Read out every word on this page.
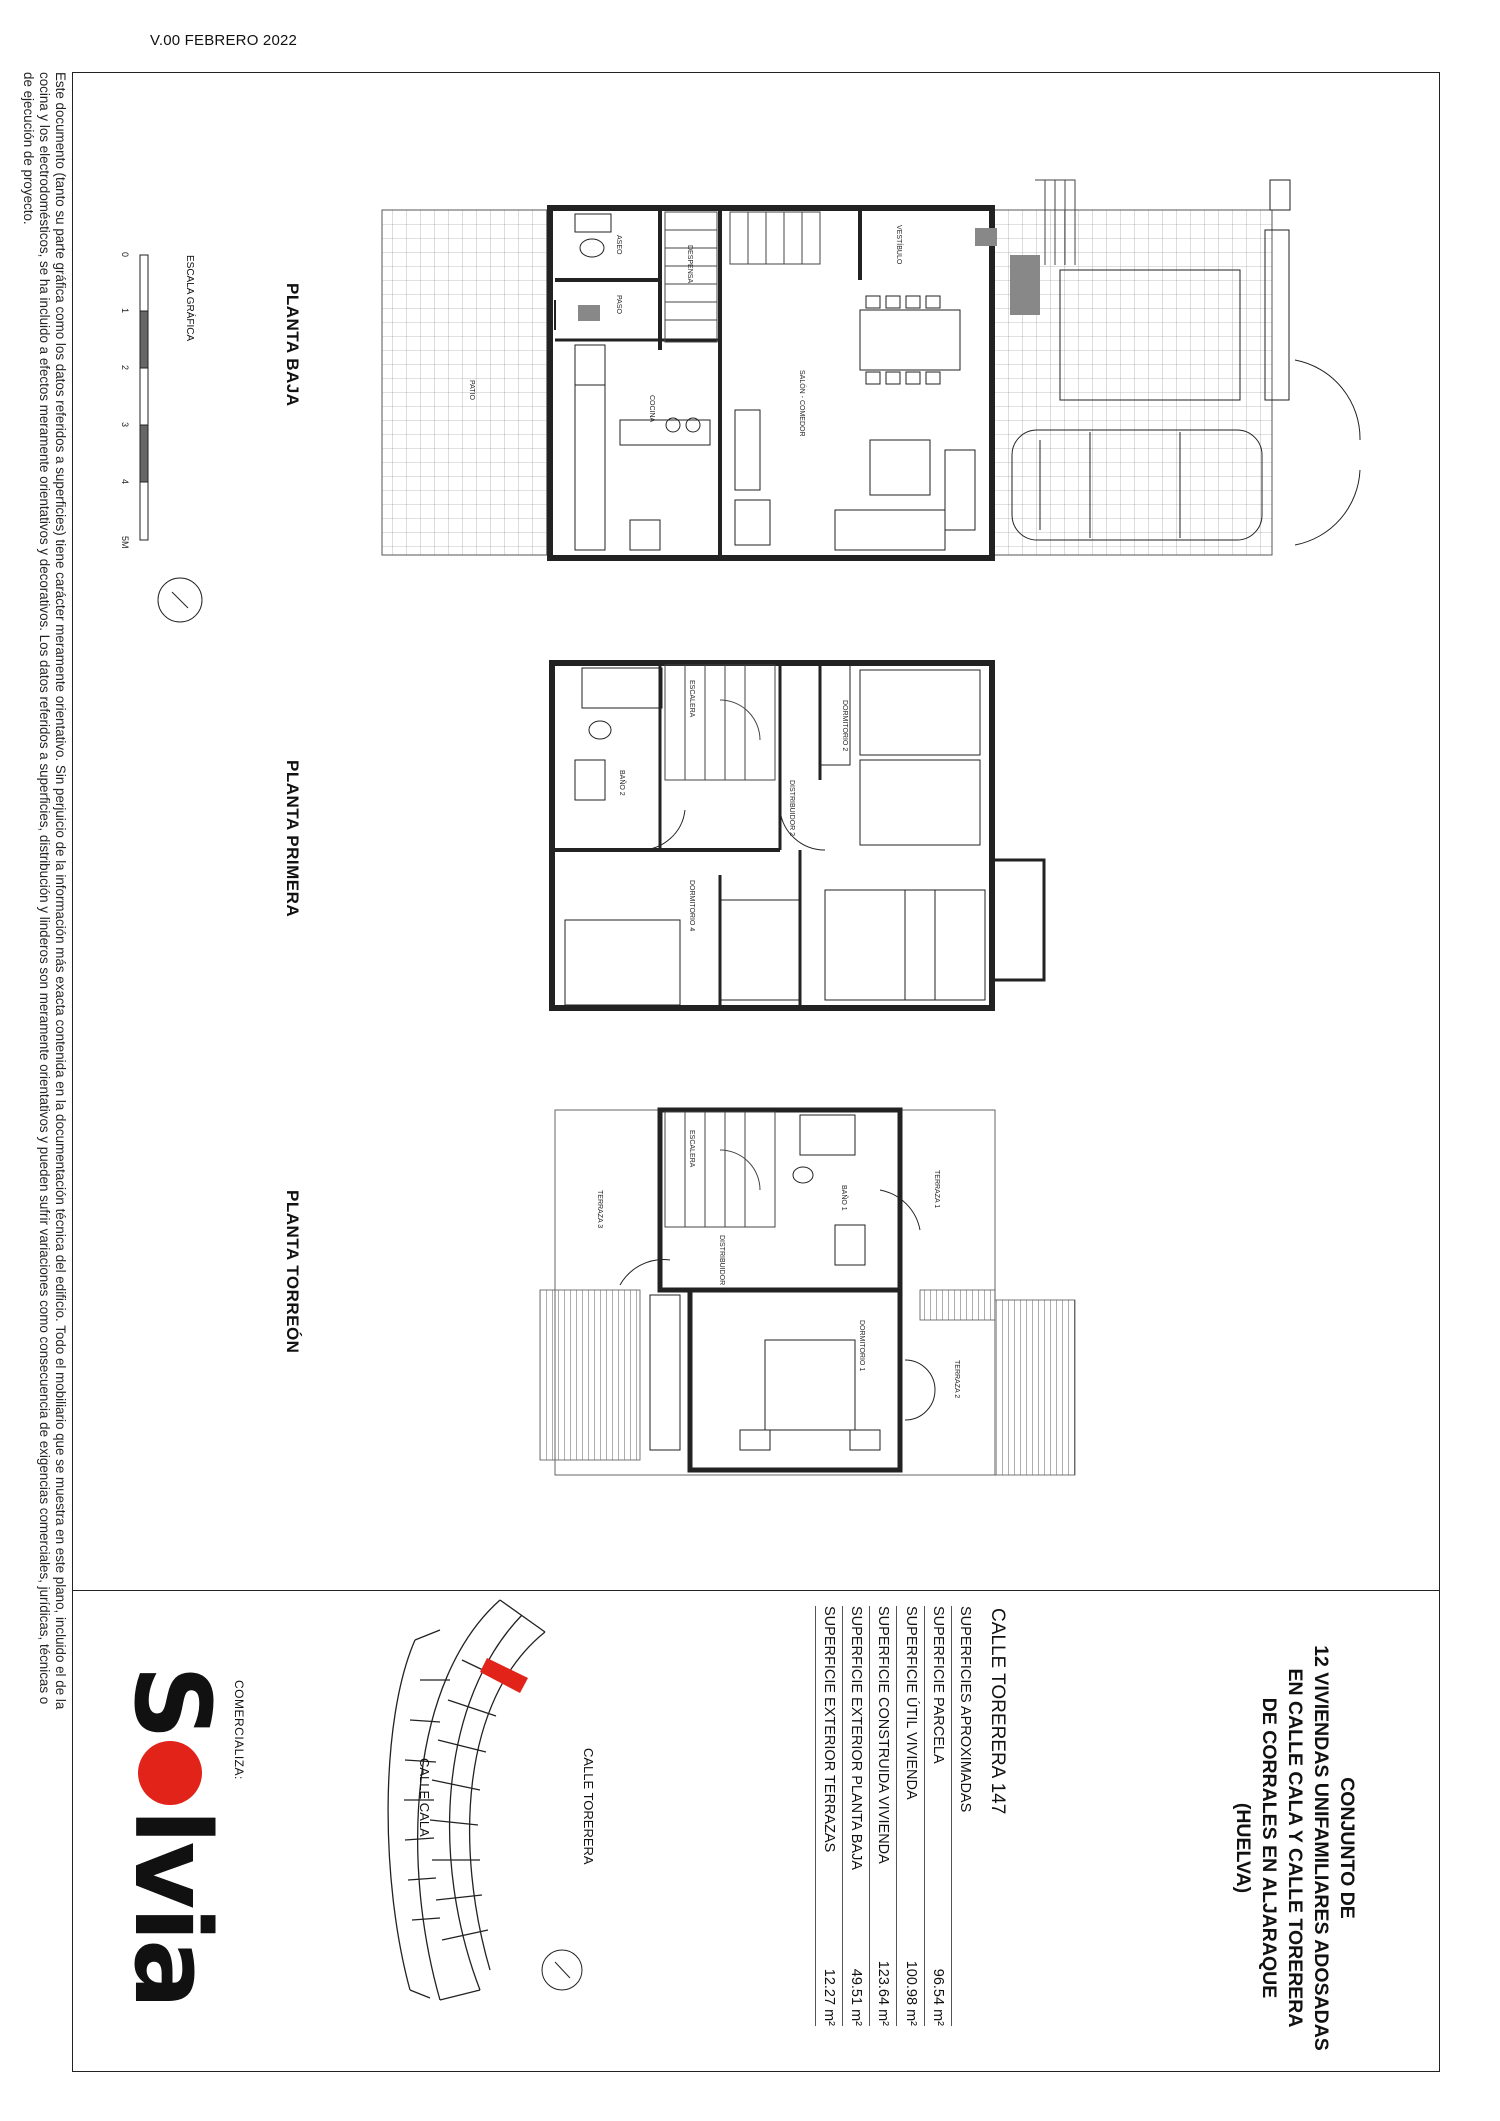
V.00 FEBRERO 2022
Este documento (tanto su parte gráfica como los datos referidos a superficies) tiene carácter meramente orientativo. Sin perjuicio de la información más exacta contenida en la documentación técnica del edificio. Todo el mobiliario que se muestra en este plano, incluido el de la
cocina y los electrodomésticos, se ha incluido a efectos meramente orientativos y decorativos. Los datos referidos a superficies, distribución y linderos son meramente orientativos y pueden sufrir variaciones como consecuencia de exigencias comerciales, jurídicas, técnicas o
de ejecución de proyecto.
PATIO
ASEO
PASO
DESPENSA	VESTÍBULO
SALÓN - COMEDOR
COCINA
ESCALERA
DORMITORIO 2
DISTRIBUIDOR 2
BAÑO 2
DORMITORIO 4	DORMITORIO 3
ESCALERA
TERRAZA 1
BAÑO 1
DISTRIBUIDOR 1
TERRAZA 3
DORMITORIO 1
TERRAZA 2
0
1
2
3
4
5M
PLANTA BAJA
PLANTA PRIMERA
PLANTA TORREÓN
ESCALA GRÁFICA
CONJUNTO DE
12 VIVIENDAS UNIFAMILIARES ADOSADAS
EN CALLE CALA Y CALLE TORERERA
DE CORRALES EN ALJARAQUE
(HUELVA)
CALLE TORERERA 147
SUPERFICIES APROXIMADAS
SUPERFICIE PARCELA
96.54 m²
SUPERFICIE ÚTIL VIVIENDA
100.98 m²
SUPERFICIE CONSTRUIDA VIVIENDA
123.64 m²
SUPERFICIE EXTERIOR PLANTA BAJA
49.51 m²
SUPERFICIE EXTERIOR TERRAZAS
12.27 m²
CALLE TORERERA
CALLE CALA
COMERCIALIZA:
Slvia
